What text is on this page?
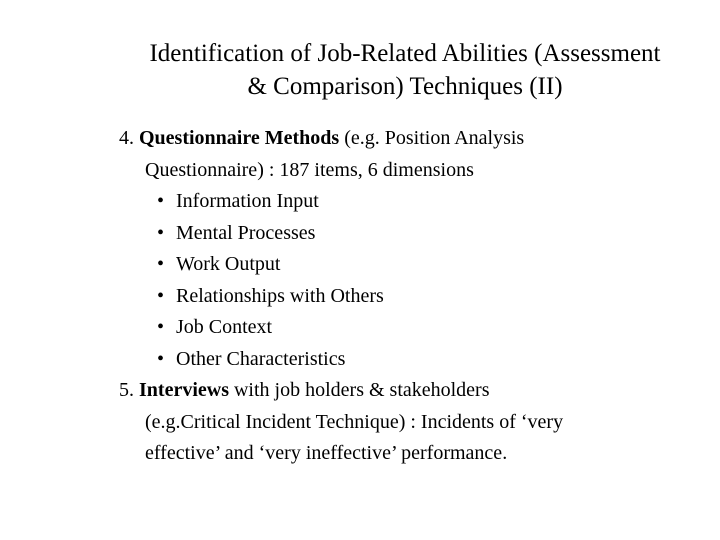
Identification of Job-Related Abilities (Assessment
& Comparison) Techniques (II)
4. Questionnaire Methods (e.g. Position Analysis
Questionnaire) : 187 items, 6 dimensions
• Information Input
• Mental Processes
• Work Output
• Relationships with Others
• Job Context
• Other Characteristics
5. Interviews with job holders & stakeholders
(e.g.Critical Incident Technique) : Incidents of ‘very
effective’ and ‘very ineffective’ performance.
